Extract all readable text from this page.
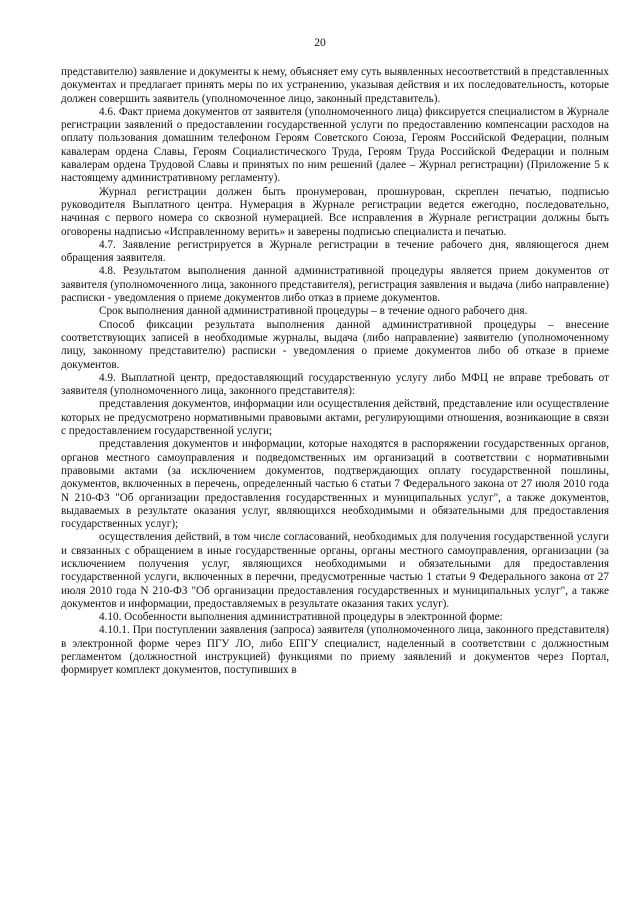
20

представителю) заявление и документы к нему, объясняет ему суть выявленных несоответствий в представленных документах и предлагает принять меры по их устранению, указывая действия и их последовательность, которые должен совершить заявитель (уполномоченное лицо, законный представитель).

4.6. Факт приема документов от заявителя (уполномоченного лица) фиксируется специалистом в Журнале регистрации заявлений о предоставлении государственной услуги по предоставлению компенсации расходов на оплату пользования домашним телефоном Героям Советского Союза, Героям Российской Федерации, полным кавалерам ордена Славы, Героям Социалистического Труда, Героям Труда Российской Федерации и полным кавалерам ордена Трудовой Славы и принятых по ним решений (далее – Журнал регистрации) (Приложение 5 к настоящему административному регламенту).

Журнал регистрации должен быть пронумерован, прошнурован, скреплен печатью, подписью руководителя Выплатного центра. Нумерация в Журнале регистрации ведется ежегодно, последовательно, начиная с первого номера со сквозной нумерацией. Все исправления в Журнале регистрации должны быть оговорены надписью «Исправленному верить» и заверены подписью специалиста и печатью.

4.7. Заявление регистрируется в Журнале регистрации в течение рабочего дня, являющегося днем обращения заявителя.

4.8. Результатом выполнения данной административной процедуры является прием документов от заявителя (уполномоченного лица, законного представителя), регистрация заявления и выдача (либо направление) расписки - уведомления о приеме документов либо отказ в приеме документов.

Срок выполнения данной административной процедуры – в течение одного рабочего дня.

Способ фиксации результата выполнения данной административной процедуры – внесение соответствующих записей в необходимые журналы, выдача (либо направление) заявителю (уполномоченному лицу, законному представителю) расписки - уведомления о приеме документов либо об отказе в приеме документов.

4.9. Выплатной центр, предоставляющий государственную услугу либо МФЦ не вправе требовать от заявителя (уполномоченного лица, законного представителя):

представления документов, информации или осуществления действий, представление или осуществление которых не предусмотрено нормативными правовыми актами, регулирующими отношения, возникающие в связи с предоставлением государственной услуги;

представления документов и информации, которые находятся в распоряжении государственных органов, органов местного самоуправления и подведомственных им организаций в соответствии с нормативными правовыми актами (за исключением документов, подтверждающих оплату государственной пошлины, документов, включенных в перечень, определенный частью 6 статьи 7 Федерального закона от 27 июля 2010 года N 210-ФЗ "Об организации предоставления государственных и муниципальных услуг", а также документов, выдаваемых в результате оказания услуг, являющихся необходимыми и обязательными для предоставления государственных услуг);

осуществления действий, в том числе согласований, необходимых для получения государственной услуги и связанных с обращением в иные государственные органы, органы местного самоуправления, организации (за исключением получения услуг, являющихся необходимыми и обязательными для предоставления государственной услуги, включенных в перечни, предусмотренные частью 1 статьи 9 Федерального закона от 27 июля 2010 года N 210-ФЗ "Об организации предоставления государственных и муниципальных услуг", а также документов и информации, предоставляемых в результате оказания таких услуг).

4.10. Особенности выполнения административной процедуры в электронной форме:

4.10.1. При поступлении заявления (запроса) заявителя (уполномоченного лица, законного представителя) в электронной форме через ПГУ ЛО, либо ЕПГУ специалист, наделенный в соответствии с должностным регламентом (должностной инструкцией) функциями по приему заявлений и документов через Портал, формирует комплект документов, поступивших в
